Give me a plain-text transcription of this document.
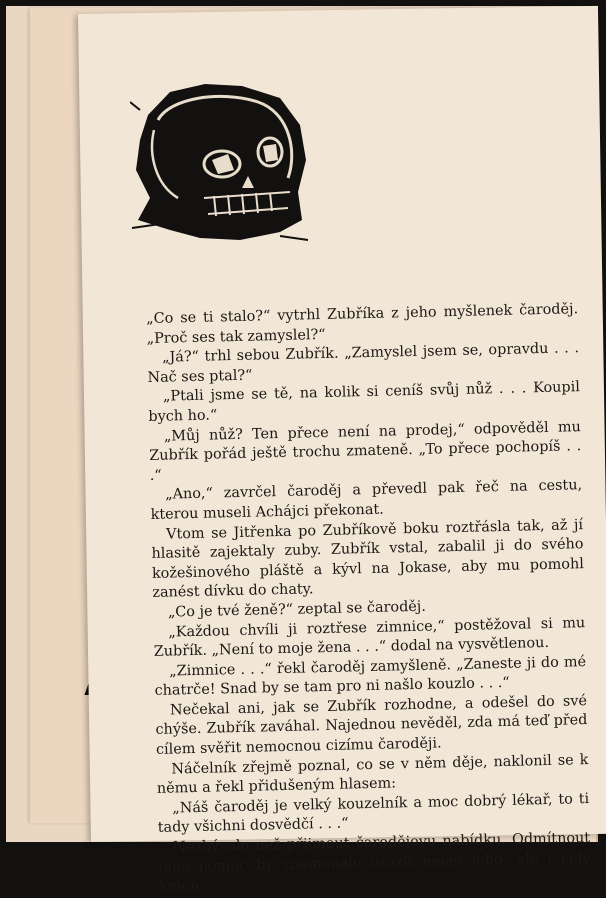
„Co se ti stalo?“ vytrhl Zubříka z jeho myšlenek čaroděj. „Proč ses tak zamyslel?“

„Já?“ trhl sebou Zubřík. „Zamyslel jsem se, opravdu . . . Nač ses ptal?“

„Ptali jsme se tě, na kolik si ceníš svůj nůž . . . Koupil bych ho.“

„Můj nůž? Ten přece není na prodej,“ odpověděl mu Zubřík pořád ještě trochu zmateně. „To přece pochopíš . . .“

„Ano,“ zavrčel čaroděj a převedl pak řeč na cestu, kterou museli Achájci překonat.

Vtom se Jitřenka po Zubříkově boku roztřásla tak, až jí hlasitě zajektaly zuby. Zubřík vstal, zabalil ji do svého kožešinového pláště a kývl na Jokase, aby mu pomohl zanést dívku do chaty.

„Co je tvé ženě?“ zeptal se čaroděj.

„Každou chvíli ji roztřese zimnice,“ postěžoval si mu Zubřík. „Není to moje žena . . .“ dodal na vysvětlenou.

„Zimnice . . .“ řekl čaroděj zamyšleně. „Zaneste ji do mé chatrče! Snad by se tam pro ni našlo kouzlo . . .“

Nečekal ani, jak se Zubřík rozhodne, a odešel do své chýše. Zubřík zaváhal. Najednou nevěděl, zda má teď před cílem svěřit nemocnou cizímu čaroději.

Náčelník zřejmě poznal, co se v něm děje, naklonil se k němu a řekl přidušeným hlasem:

„Náš čaroděj je velký kouzelník a moc dobrý lékař, to ti tady všichni dosvědčí . . .“

Nezbývalo než přijmout čarodějovu nabídku. Odmítnout jeho pomoc by znamenalo urazit nejen jeho, ale i celý kmen.
